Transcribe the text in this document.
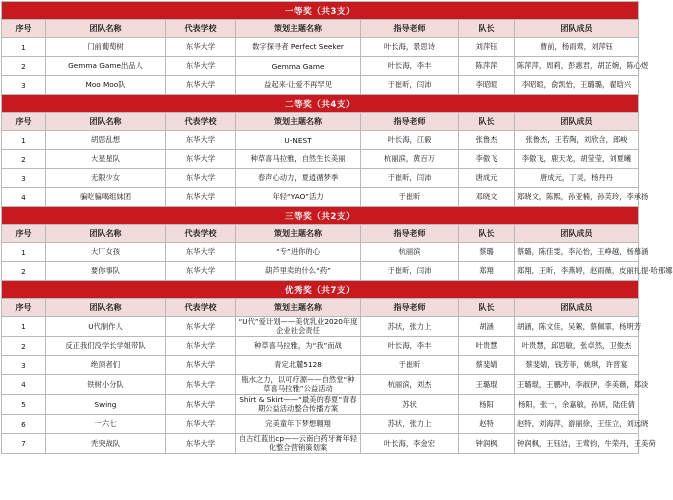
一等奖（共3支）						
序号	团队名称	代表学校	策划主题名称	指导老师	队长	团队成员
1	门前葡萄树	东华大学	数字探寻者 Perfect Seeker	叶长海，景思诗	刘萍钰	曹前，杨雨莺，刘萍钰
2	Gemma Game出品人	东华大学	Gemma Game	叶长海，李丰	陈萍萍	陈萍萍，周莉，彭惠君，胡芷婉，陈心煜
3	Moo Moo队	东华大学	益起来·让爱不再罕见	于崔昕，闫沛	李昭暄	李昭暄，俞凯怡，王璐璐，翟晗兴
二等奖（共4支）						
序号	团队名称	代表学校	策划主题名称	指导老师	队长	团队成员
1	胡思乱想	东华大学	U-NEST	叶长海，江毅	张鲁杰	张鲁杰，王若陶，刘欣含，郎峻
2	大星星队	东华大学	种草喜马拉雅，自然生长美丽	杭丽滨，黄百万	李傲飞	李傲飞，鹿天龙，胡莹莹，刘夏曦
3	无限少女	东华大学	春声心动力，夏逍循梦季	于崔昕，闫沛	唐成元	唐成元，丁灵，杨丹丹
4	骗吃骗喝组妹团	东华大学	年轻“YAO”活力	于崔昕	邓晓文	郑晓文，陈熙，孙亚楠，孙芙玲，李承扬
三等奖（共2支）						
序号	团队名称	代表学校	策划主题名称	指导老师	队长	团队成员
1	大厂女孩	东华大学	“专”进你的心	杭丽滨	蔡璐	蔡璐，陈佳雯，李沁怡，王峥越，杨慕涵
2	要你事队	东华大学	葫芦里卖的什么“药”	于崔昕，闫沛	郑翔	郑翔，王昕，李燕婷，赵雨薇，皮丽扎提·哈那娜
优秀奖（共7支）						
序号	团队名称	代表学校	策划主题名称	指导老师	队长	团队成员
1	U代制作人	东华大学	“U代”爱计划——美优乳业2020年度企业社会责任	苏状，张力上	胡涵	胡涵，陈文佳，吴絮，蔡佩霏，杨明芳
2	反正我们没学长学姐带队	东华大学	种草喜马拉雅，为“我”而战	叶长海，李丰	叶贵慧	叶贵慧，邱思敏，张卓然，卫俊杰
3	绝顶者们	东华大学	青定北麓5128	于崔昕	蔡斐婧	蔡斐婧，钱芳菲，姚琪，许晋宴
4	铁树小分队	东华大学	瓶水之力，以可疗源——自然堂“种草喜马拉雅”公益活动	杭丽滨，刘杰	王璐琨	王璐琨，王鹏冲，李淑伊，李美薇，郑淡
5	Swing	东华大学	Shirt & Skirt——“最美的春夏”青春期公益活动整合传播方案	苏状	杨阳	杨阳，张一，余嘉敏，孙妍，陆佳倩
6	一六七	东华大学	完美童年下梦想翱翔	苏状，张力上	赵特	赵特，刘海萍，游丽徐，王佳立，刘远晓
7	秃突战队	东华大学	自古红蓝出cp——云南白药牙膏年轻化整合营销策划案	叶长海，李金宏	钟润枫	钟润枫，王钰洁，王莺钧，牛荣丹，王美荷
